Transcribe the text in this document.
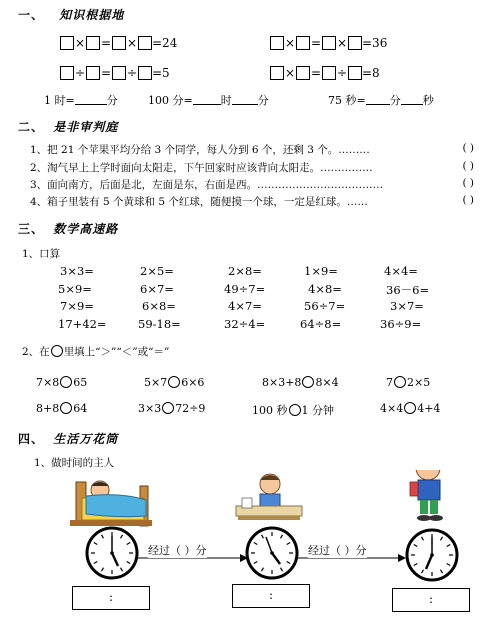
一、 知识根据地
× = × =24	× = × =36
÷ = ÷ =5	× = ÷ =8
1 时=	分	100 分=	时 分	75 秒= 分 秒
二、 是非审判庭
1、把 21 个苹果平均分给 3 个同学，每人分到 6 个，还剩 3 个。………	( )
2、淘气早上上学时面向太阳走，下午回家时应该背向太阳走。……………	( )
3、面向南方，后面是北，左面是东，右面是西。………………………………	( )
4、箱子里装有 5 个黄球和 5 个红球，随便摸一个球，一定是红球。……	( )
三、 数学高速路
1、口算
3×3=	2×5=	2×8=	1×9=	4×4=
5×9=	6×7=	49÷7=	4×8=	36－6=
7×9=	6×8=	4×7=	56÷7=	3×7=
17+42=	59-18=	32÷4=	64÷8=	36÷9=
2、在 里填上“＞”“＜”或“＝”
7×8 65	5×7 6×6	8×3+8 8×4	7 2×5
8+8 64	3×3 72÷9	100 秒 1 分钟	4×4 4+4
四、 生活万花筒
1、做时间的主人
经过（ ）分	经过（ ）分
:	:	:
